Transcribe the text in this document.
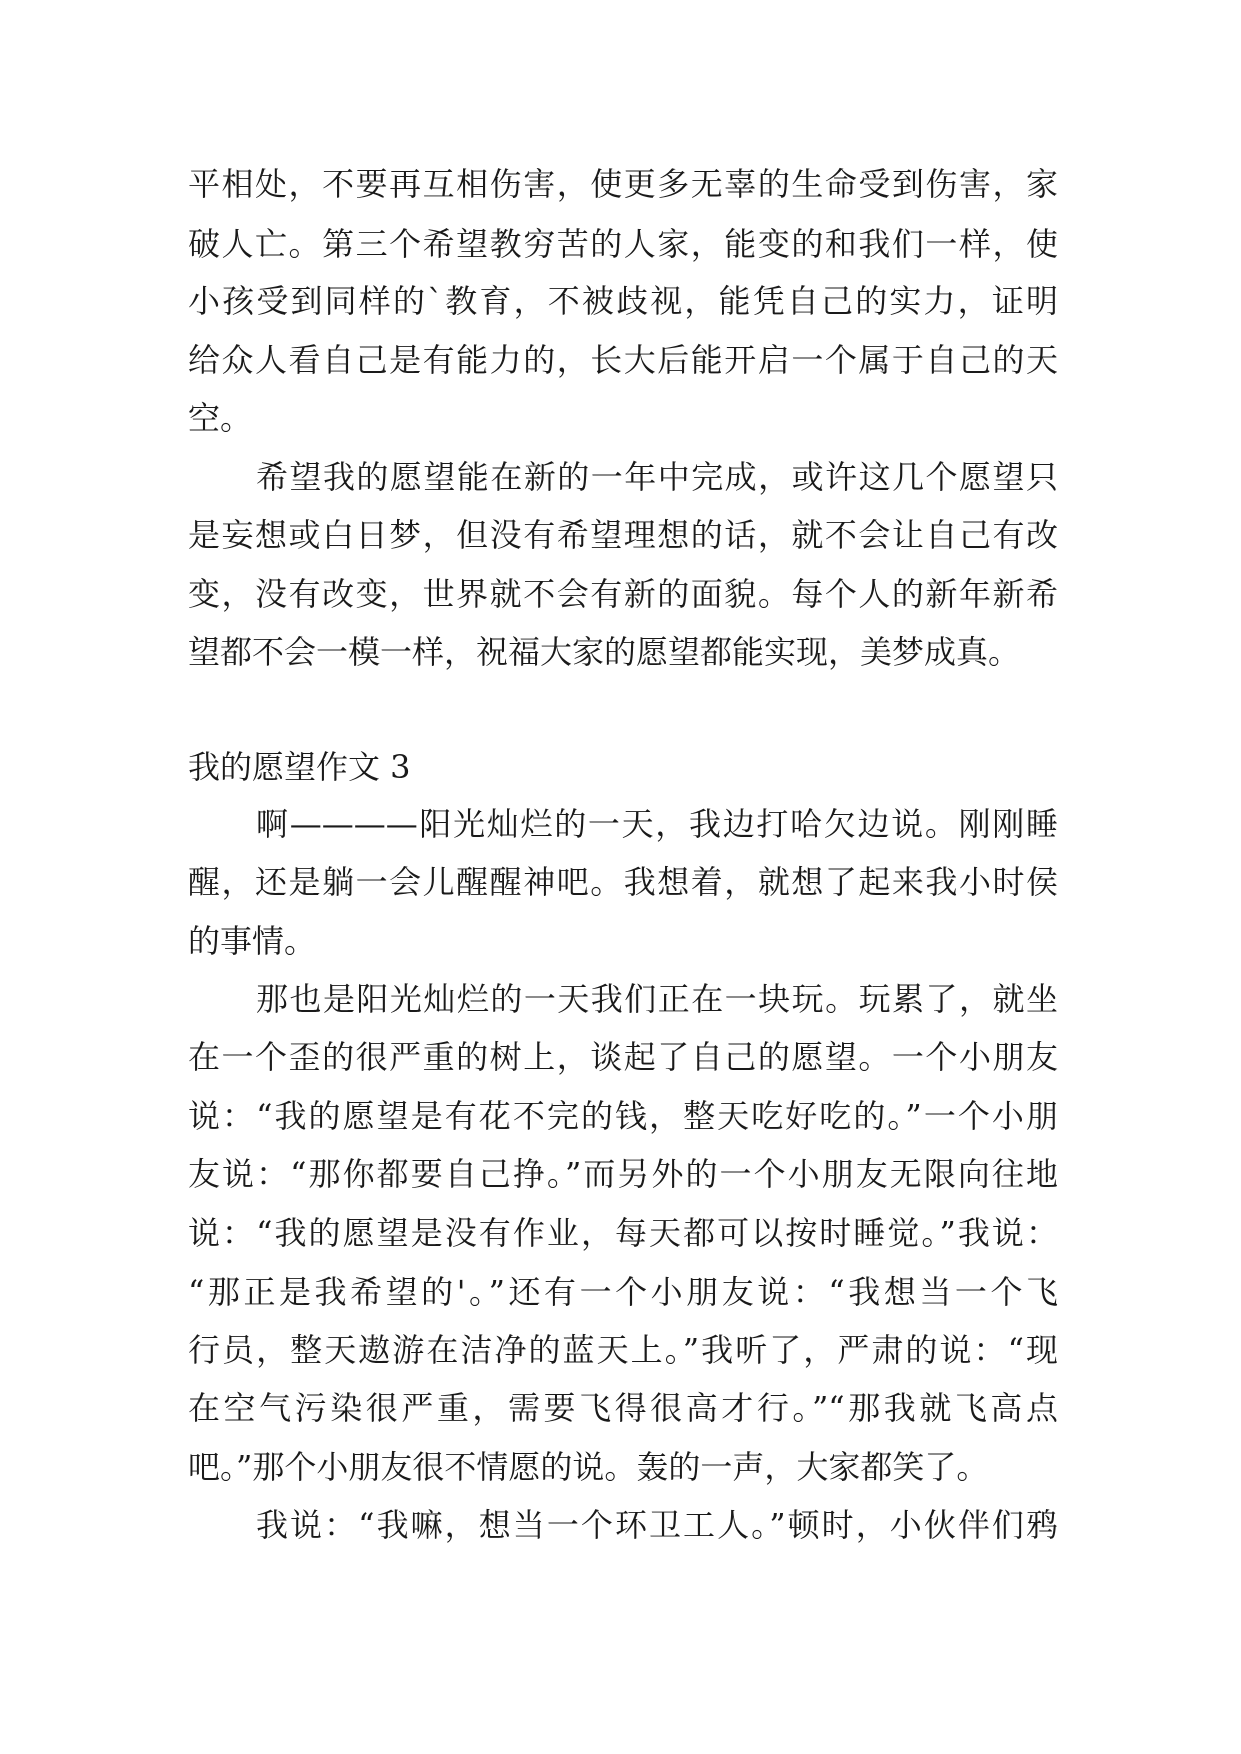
平相处，不要再互相伤害，使更多无辜的生命受到伤害，家
破人亡。第三个希望教穷苦的人家，能变的和我们一样，使
小孩受到同样的`教育，不被歧视，能凭自己的实力，证明
给众人看自己是有能力的，长大后能开启一个属于自己的天
空。
希望我的愿望能在新的一年中完成，或许这几个愿望只
是妄想或白日梦，但没有希望理想的话，就不会让自己有改
变，没有改变，世界就不会有新的面貌。每个人的新年新希
望都不会一模一样，祝福大家的愿望都能实现，美梦成真。
我的愿望作文 3
啊————阳光灿烂的一天，我边打哈欠边说。刚刚睡
醒，还是躺一会儿醒醒神吧。我想着，就想了起来我小时侯
的事情。
那也是阳光灿烂的一天我们正在一块玩。玩累了，就坐
在一个歪的很严重的树上，谈起了自己的愿望。一个小朋友
说：“我的愿望是有花不完的钱，整天吃好吃的。”一个小朋
友说：“那你都要自己挣。”而另外的一个小朋友无限向往地
说：“我的愿望是没有作业，每天都可以按时睡觉。”我说：
“那正是我希望的'。”还有一个小朋友说：“我想当一个飞
行员，整天遨游在洁净的蓝天上。”我听了，严肃的说：“现
在空气污染很严重，需要飞得很高才行。”“那我就飞高点
吧。”那个小朋友很不情愿的说。轰的一声，大家都笑了。
我说：“我嘛，想当一个环卫工人。”顿时，小伙伴们鸦
